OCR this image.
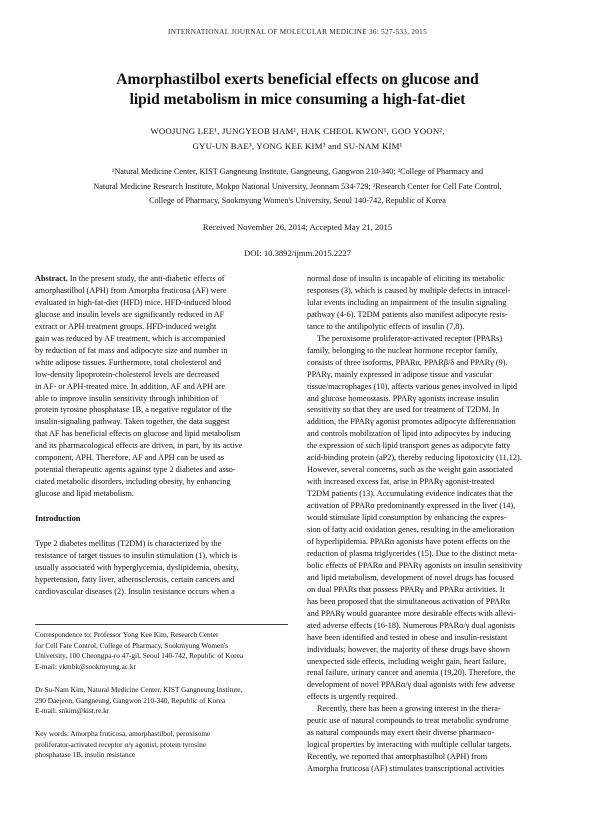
INTERNATIONAL JOURNAL OF MOLECULAR MEDICINE 36: 527-533, 2015
Amorphastilbol exerts beneficial effects on glucose and
lipid metabolism in mice consuming a high-fat-diet
WOOJUNG LEE¹, JUNGYEOB HAM¹, HAK CHEOL KWON¹, GOO YOON²,
GYU-UN BAE³, YONG KEE KIM³ and SU-NAM KIM¹
¹Natural Medicine Center, KIST Gangneung Institute, Gangneung, Gangwon 210-340; ²College of Pharmacy and
Natural Medicine Research Institute, Mokpo National University, Jeonnam 534-729; ³Research Center for Cell Fate Control,
College of Pharmacy, Sookmyung Women's University, Seoul 140-742, Republic of Korea
Received November 26, 2014; Accepted May 21, 2015
DOI: 10.3892/ijmm.2015.2227
Abstract. In the present study, the anti-diabetic effects of
amorphastilbol (APH) from Amorpha fruticosa (AF) were
evaluated in high-fat-diet (HFD) mice. HFD-induced blood
glucose and insulin levels are significantly reduced in AF
extract or APH treatment groups. HFD-induced weight
gain was reduced by AF treatment, which is accompanied
by reduction of fat mass and adipocyte size and number in
white adipose tissues. Furthermore, total cholesterol and
low-density lipoprotein-cholesterol levels are decreased
in AF- or APH-treated mice. In addition, AF and APH are
able to improve insulin sensitivity through inhibition of
protein tyrosine phosphatase 1B, a negative regulator of the
insulin-signaling pathway. Taken together, the data suggest
that AF has beneficial effects on glucose and lipid metabolism
and its pharmacological effects are driven, in part, by its active
component, APH. Therefore, AF and APH can be used as
potential therapeutic agents against type 2 diabetes and asso-
ciated metabolic disorders, including obesity, by enhancing
glucose and lipid metabolism.
Introduction
Type 2 diabetes mellitus (T2DM) is characterized by the
resistance of target tissues to insulin stimulation (1), which is
usually associated with hyperglycemia, dyslipidemia, obesity,
hypertension, fatty liver, atherosclerosis, certain cancers and
cardiovascular diseases (2). Insulin resistance occurs when a
Correspondence to: Professor Yong Kee Kim, Research Center
for Cell Fate Control, College of Pharmacy, Sookmyung Women's
University, 100 Cheongpa-ro 47-gil, Seoul 140-742, Republic of Korea
E-mail: ykmbk@sookmyung.ac.kr
Dr Su-Nam Kim, Natural Medicine Center, KIST Gangneung Institute,
290 Daejeon, Gangneung, Gangwon 210-340, Republic of Korea
E-mail: snkim@kist.re.kr
Key words: Amorpha fruticosa, amorphastilbol, peroxisome
proliferator-activated receptor α/γ agonist, protein tyrosine
phosphatase 1B, insulin resistance
normal dose of insulin is incapable of eliciting its metabolic
responses (3), which is caused by multiple defects in intracel-
lular events including an impairment of the insulin signaling
pathway (4-6). T2DM patients also manifest adipocyte resis-
tance to the antilipolytic effects of insulin (7,8).
The peroxisome proliferator-activated receptor (PPARs)
family, belonging to the nuclear hormone receptor family,
consists of three isoforms, PPARα, PPARβ/δ and PPARγ (9).
PPARγ, mainly expressed in adipose tissue and vascular
tissue/macrophages (10), affects various genes involved in lipid
and glucose homeostasis. PPARγ agonists increase insulin
sensitivity so that they are used for treatment of T2DM. In
addition, the PPARγ agonist promotes adipocyte differentiation
and controls mobilization of lipid into adipocytes by inducing
the expression of such lipid transport genes as adipocyte fatty
acid-binding protein (aP2), thereby reducing lipotoxicity (11,12).
However, several concerns, such as the weight gain associated
with increased excess fat, arise in PPARγ agonist-treated
T2DM patients (13). Accumulating evidence indicates that the
activation of PPARα predominantly expressed in the liver (14),
would stimulate lipid consumption by enhancing the expres-
sion of fatty acid oxidation genes, resulting in the amelioration
of hyperlipidemia. PPARα agonists have potent effects on the
reduction of plasma triglycerides (15). Due to the distinct meta-
bolic effects of PPARα and PPARγ agonists on insulin sensitivity
and lipid metabolism, development of novel drugs has focused
on dual PPARs that possess PPARγ and PPARα activities. It
has been proposed that the simultaneous activation of PPARα
and PPARγ would guarantee more desirable effects with allevi-
ated adverse effects (16-18). Numerous PPARα/γ dual agonists
have been identified and tested in obese and insulin-resistant
individuals; however, the majority of these drugs have shown
unexpected side effects, including weight gain, heart failure,
renal failure, urinary cancer and anemia (19,20). Therefore, the
development of novel PPARα/γ dual agonists with few adverse
effects is urgently required.
Recently, there has been a growing interest in the thera-
peutic use of natural compounds to treat metabolic syndrome
as natural compounds may exert their diverse pharmaco-
logical properties by interacting with multiple cellular targets.
Recently, we reported that amorphastilbol (APH) from
Amorpha fruticosa (AF) stimulates transcriptional activities
